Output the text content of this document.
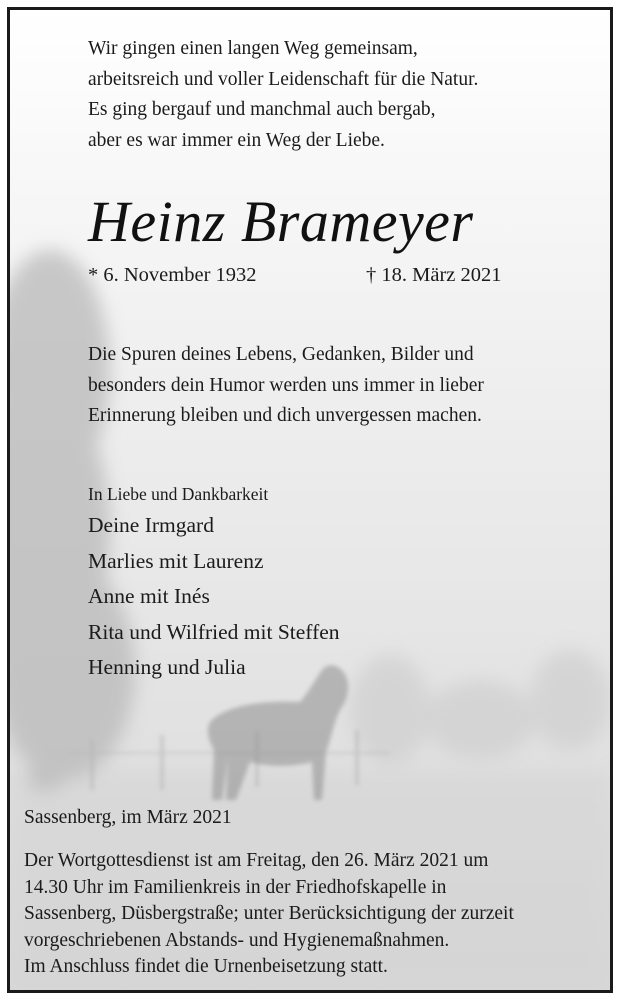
Wir gingen einen langen Weg gemeinsam,
arbeitsreich und voller Leidenschaft für die Natur.
Es ging bergauf und manchmal auch bergab,
aber es war immer ein Weg der Liebe.
Heinz Brameyer
* 6. November 1932	† 18. März 2021
Die Spuren deines Lebens, Gedanken, Bilder und
besonders dein Humor werden uns immer in lieber
Erinnerung bleiben und dich unvergessen machen.
In Liebe und Dankbarkeit
Deine Irmgard
Marlies mit Laurenz
Anne mit Inés
Rita und Wilfried mit Steffen
Henning und Julia
Sassenberg, im März 2021
Der Wortgottesdienst ist am Freitag, den 26. März 2021 um
14.30 Uhr im Familienkreis in der Friedhofskapelle in
Sassenberg, Düsbergstraße; unter Berücksichtigung der zurzeit
vorgeschriebenen Abstands- und Hygienemaßnahmen.
Im Anschluss findet die Urnenbeisetzung statt.
